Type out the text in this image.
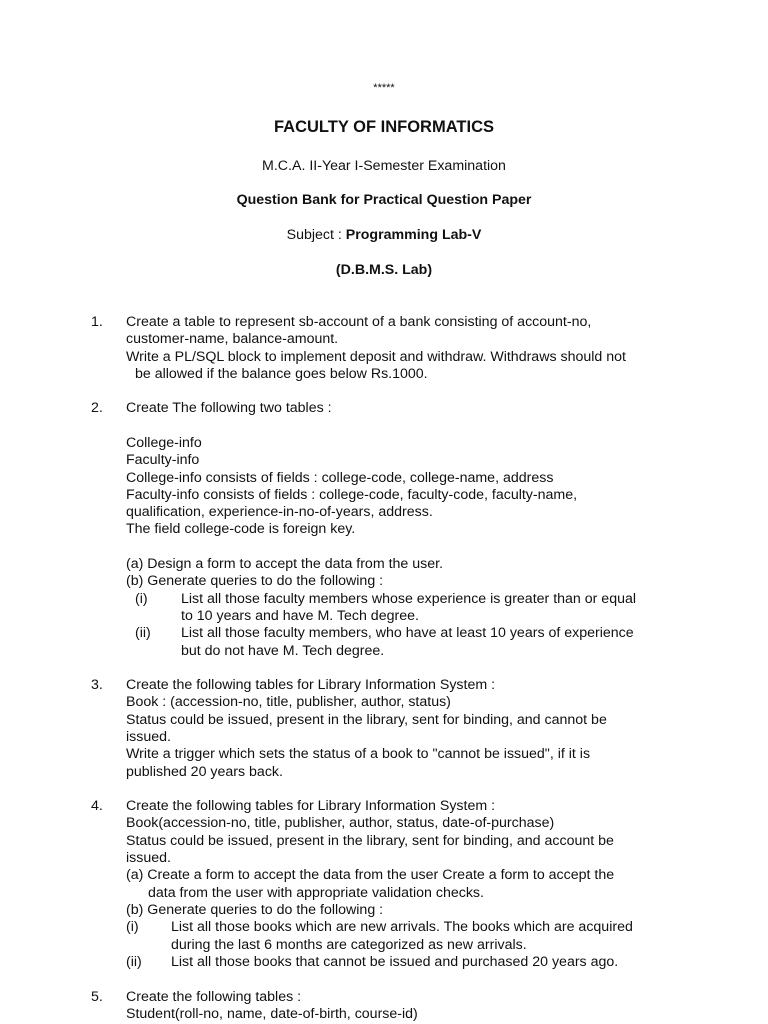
*****
FACULTY OF INFORMATICS
M.C.A. II-Year I-Semester Examination
Question Bank for Practical Question Paper
Subject : Programming Lab-V
(D.B.M.S. Lab)
1. Create a table to represent sb-account of a bank consisting of account-no,
customer-name, balance-amount.
Write a PL/SQL block to implement deposit and withdraw. Withdraws should not
be allowed if the balance goes below Rs.1000.
2. Create The following two tables :
College-info
Faculty-info
College-info consists of fields : college-code, college-name, address
Faculty-info consists of fields : college-code, faculty-code, faculty-name,
qualification, experience-in-no-of-years, address.
The field college-code is foreign key.
(a) Design a form to accept the data from the user.
(b) Generate queries to do the following :
(i) List all those faculty members whose experience is greater than or equal
to 10 years and have M. Tech degree.
(ii) List all those faculty members, who have at least 10 years of experience
but do not have M. Tech degree.
3. Create the following tables for Library Information System :
Book : (accession-no, title, publisher, author, status)
Status could be issued, present in the library, sent for binding, and cannot be
issued.
Write a trigger which sets the status of a book to "cannot be issued", if it is
published 20 years back.
4. Create the following tables for Library Information System :
Book(accession-no, title, publisher, author, status, date-of-purchase)
Status could be issued, present in the library, sent for binding, and account be
issued.
(a) Create a form to accept the data from the user Create a form to accept the
data from the user with appropriate validation checks.
(b) Generate queries to do the following :
(i) List all those books which are new arrivals. The books which are acquired
during the last 6 months are categorized as new arrivals.
(ii) List all those books that cannot be issued and purchased 20 years ago.
5. Create the following tables :
Student(roll-no, name, date-of-birth, course-id)
